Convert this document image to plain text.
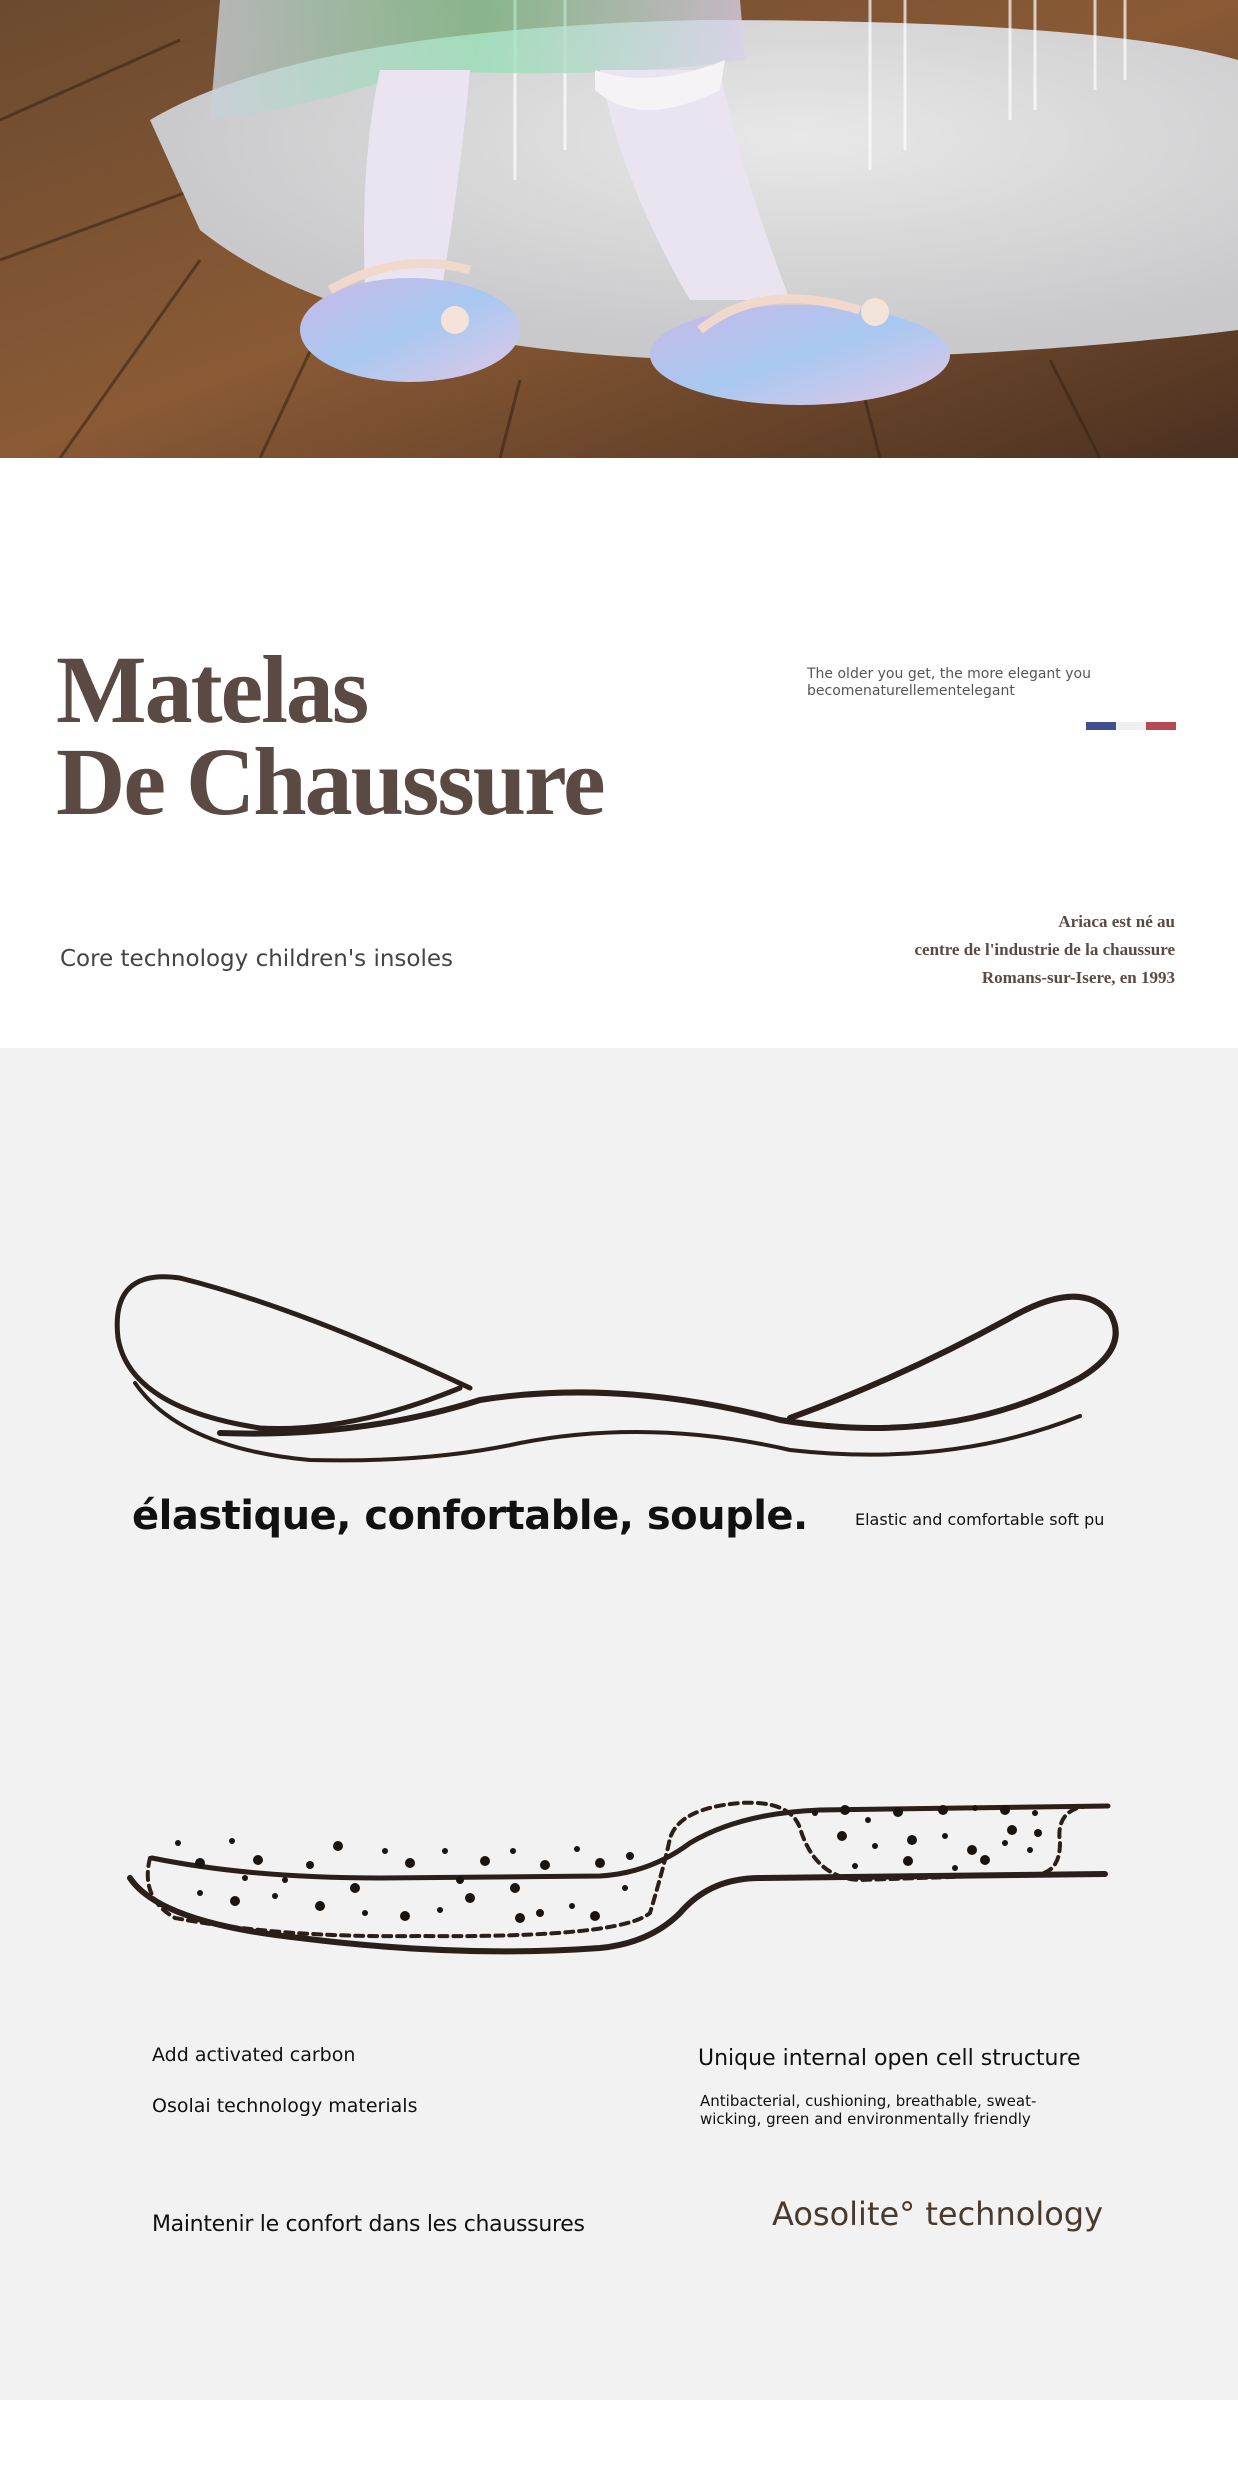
Matelas
De Chaussure
The older you get, the more elegant you
becomenaturellementelegant
Core technology children's insoles
Ariaca est né au
centre de l'industrie de la chaussure
Romans-sur-Isere, en 1993
élastique, confortable, souple.	Elastic and comfortable soft pu
Add activated carbon
Osolai technology materials
Unique internal open cell structure
Antibacterial, cushioning, breathable, sweat-
wicking, green and environmentally friendly
Maintenir le confort dans les chaussures	Aosolite° technology
